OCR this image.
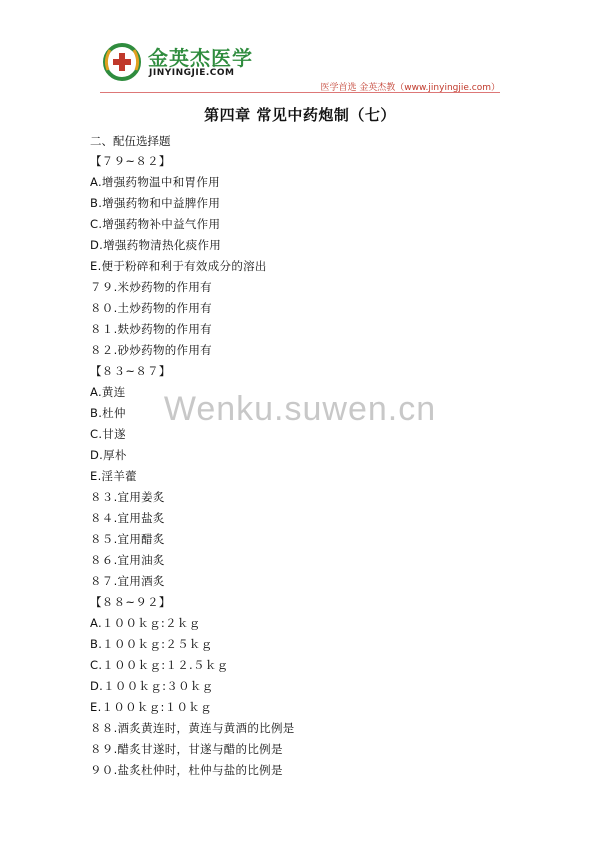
金英杰医学
JINYINGJIE.COM
医学首选 金英杰教（www.jinyingjie.com）
第四章 常见中药炮制（七）
二、配伍选择题
【７９~８２】
A.增强药物温中和胃作用
B.增强药物和中益脾作用
C.增强药物补中益气作用
D.增强药物清热化痰作用
E.便于粉碎和利于有效成分的溶出
７９.米炒药物的作用有
８０.土炒药物的作用有
８１.麸炒药物的作用有
８２.砂炒药物的作用有
【８３~８７】
A.黄连
B.杜仲
C.甘遂
D.厚朴
E.淫羊藿
８３.宜用姜炙
８４.宜用盐炙
８５.宜用醋炙
８６.宜用油炙
８７.宜用酒炙
【８８~９２】
A.１００ｋｇ:２ｋｇ
B.１００ｋｇ:２５ｋｇ
C.１００ｋｇ:１２.５ｋｇ
D.１００ｋｇ:３０ｋｇ
E.１００ｋｇ:１０ｋｇ
８８.酒炙黄连时，黄连与黄酒的比例是
８９.醋炙甘遂时，甘遂与醋的比例是
９０.盐炙杜仲时，杜仲与盐的比例是
Wenku.suwen.cn
